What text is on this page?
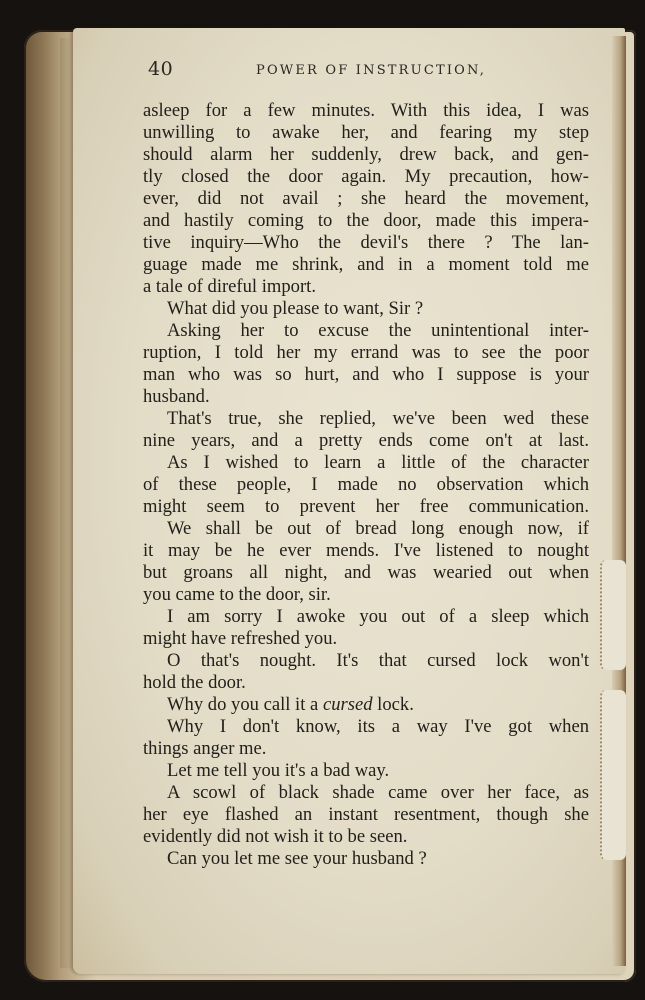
40	POWER OF INSTRUCTION,
asleep for a few minutes. With this idea, I was
unwilling to awake her, and fearing my step
should alarm her suddenly, drew back, and gen-
tly closed the door again. My precaution, how-
ever, did not avail ; she heard the movement,
and hastily coming to the door, made this impera-
tive inquiry—Who the devil's there ? The lan-
guage made me shrink, and in a moment told me
a tale of direful import.
What did you please to want, Sir ?
Asking her to excuse the unintentional inter-
ruption, I told her my errand was to see the poor
man who was so hurt, and who I suppose is your
husband.
That's true, she replied, we've been wed these
nine years, and a pretty ends come on't at last.
As I wished to learn a little of the character
of these people, I made no observation which
might seem to prevent her free communication.
We shall be out of bread long enough now, if
it may be he ever mends. I've listened to nought
but groans all night, and was wearied out when
you came to the door, sir.
I am sorry I awoke you out of a sleep which
might have refreshed you.
O that's nought. It's that cursed lock won't
hold the door.
Why do you call it a cursed lock.
Why I don't know, its a way I've got when
things anger me.
Let me tell you it's a bad way.
A scowl of black shade came over her face, as
her eye flashed an instant resentment, though she
evidently did not wish it to be seen.
Can you let me see your husband ?
